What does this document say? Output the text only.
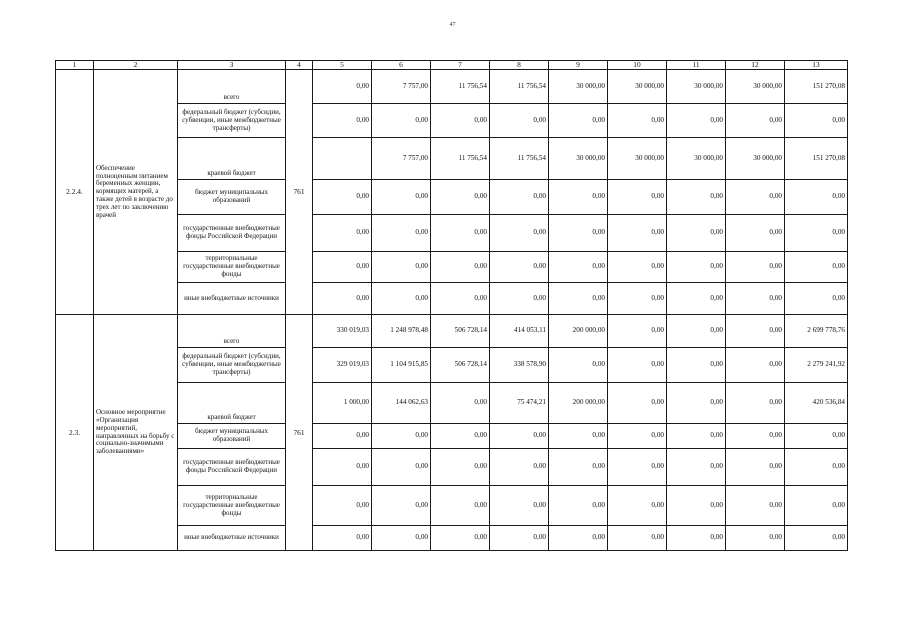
47
1	2	3	4	5	6	7	8	9	10	11	12	13
2.2.4.	Обеспечение полноценным питанием беременных женщин, кормящих матерей, а также детей в возрасте до трех лет по заключению врачей	всего	761	0,00	7 757,00	11 756,54	11 756,54	30 000,00	30 000,00	30 000,00	30 000,00	151 270,08
		федеральный бюджет (субсидии, субвенции, иные межбюджетные трансферты)		0,00	0,00	0,00	0,00	0,00	0,00	0,00	0,00	0,00
		краевой бюджет			7 757,00	11 756,54	11 756,54	30 000,00	30 000,00	30 000,00	30 000,00	151 270,08
		бюджет муниципальных образований		0,00	0,00	0,00	0,00	0,00	0,00	0,00	0,00	0,00
		государственные внебюджетные фонды Российской Федерации		0,00	0,00	0,00	0,00	0,00	0,00	0,00	0,00	0,00
		территориальные государственные внебюджетные фонды		0,00	0,00	0,00	0,00	0,00	0,00	0,00	0,00	0,00
		иные внебюджетные источники		0,00	0,00	0,00	0,00	0,00	0,00	0,00	0,00	0,00
2.3.	Основное мероприятие «Организация мероприятий, направленных на борьбу с социально-значимыми заболеваниями»	всего	761	330 019,03	1 248 978,48	506 728,14	414 053,11	200 000,00	0,00	0,00	0,00	2 699 778,76
		федеральный бюджет (субсидии, субвенции, иные межбюджетные трансферты)		329 019,03	1 104 915,85	506 728,14	338 578,90	0,00	0,00	0,00	0,00	2 279 241,92
		краевой бюджет		1 000,00	144 062,63	0,00	75 474,21	200 000,00	0,00	0,00	0,00	420 536,84
		бюджет муниципальных образований		0,00	0,00	0,00	0,00	0,00	0,00	0,00	0,00	0,00
		государственные внебюджетные фонды Российской Федерации		0,00	0,00	0,00	0,00	0,00	0,00	0,00	0,00	0,00
		территориальные государственные внебюджетные фонды		0,00	0,00	0,00	0,00	0,00	0,00	0,00	0,00	0,00
		иные внебюджетные источники		0,00	0,00	0,00	0,00	0,00	0,00	0,00	0,00	0,00
